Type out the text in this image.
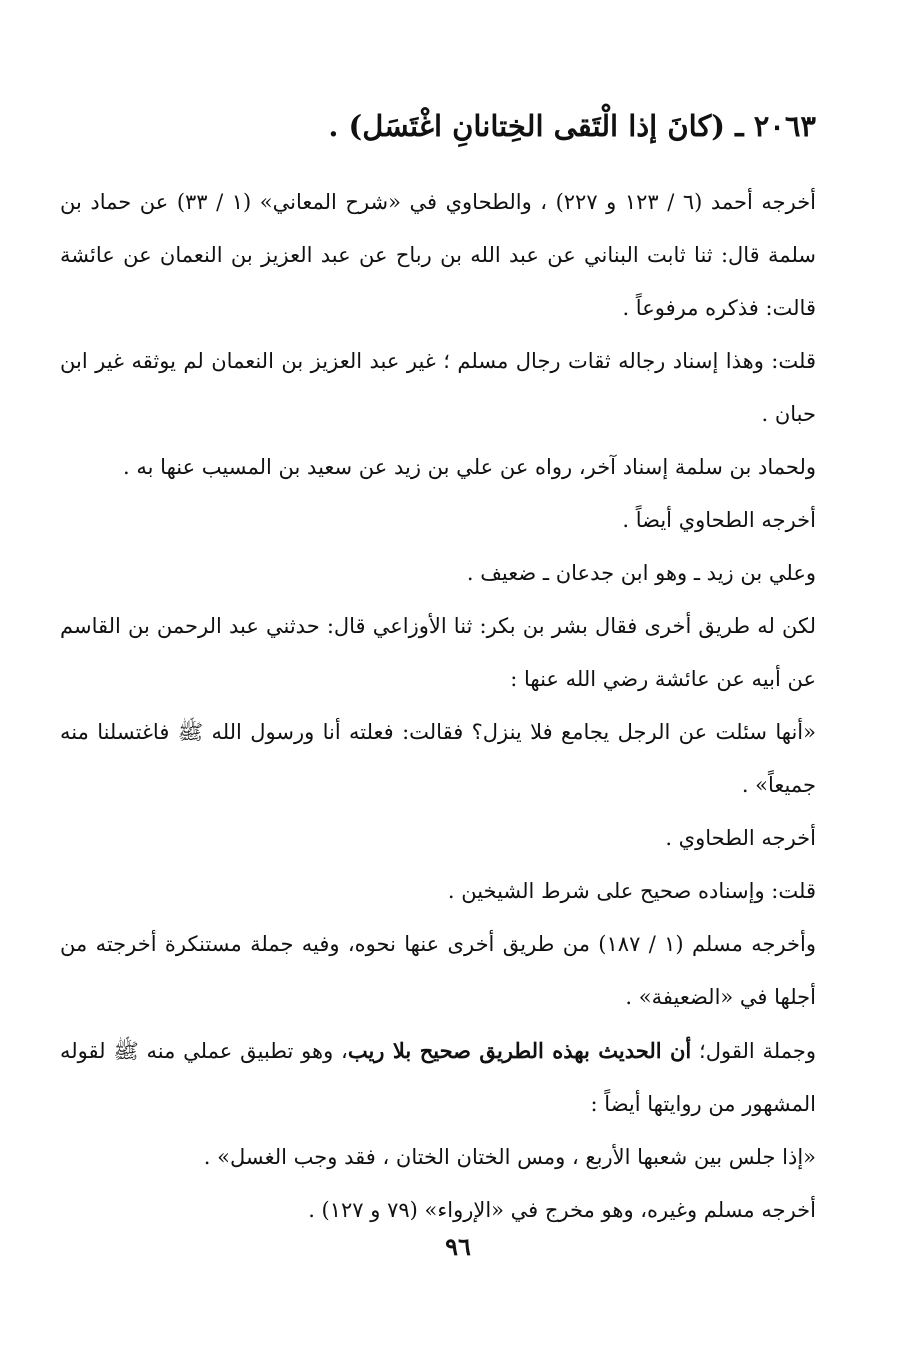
٢٠٦٣ ـ (كانَ إذا الْتَقى الخِتانانِ اغْتَسَل) .

أخرجه أحمد (٦ / ١٢٣ و ٢٢٧) ، والطحاوي في «شرح المعاني» (١ / ٣٣) عن حماد بن سلمة قال: ثنا ثابت البناني عن عبد الله بن رباح عن عبد العزيز بن النعمان عن عائشة قالت: فذكره مرفوعاً .

قلت: وهذا إسناد رجاله ثقات رجال مسلم ؛ غير عبد العزيز بن النعمان لم يوثقه غير ابن حبان .

ولحماد بن سلمة إسناد آخر، رواه عن علي بن زيد عن سعيد بن المسيب عنها به .

أخرجه الطحاوي أيضاً .

وعلي بن زيد ـ وهو ابن جدعان ـ ضعيف .

لكن له طريق أخرى فقال بشر بن بكر: ثنا الأوزاعي قال: حدثني عبد الرحمن بن القاسم عن أبيه عن عائشة رضي الله عنها :

«أنها سئلت عن الرجل يجامع فلا ينزل؟ فقالت: فعلته أنا ورسول الله ﷺ فاغتسلنا منه جميعاً» .

أخرجه الطحاوي .

قلت: وإسناده صحيح على شرط الشيخين .

وأخرجه مسلم (١ / ١٨٧) من طريق أخرى عنها نحوه، وفيه جملة مستنكرة أخرجته من أجلها في «الضعيفة» .

وجملة القول؛ أن الحديث بهذه الطريق صحيح بلا ريب، وهو تطبيق عملي منه ﷺ لقوله المشهور من روايتها أيضاً :

«إذا جلس بين شعبها الأربع ، ومس الختان الختان ، فقد وجب الغسل» .

أخرجه مسلم وغيره، وهو مخرج في «الإرواء» (٧٩ و ١٢٧) .

٩٦
